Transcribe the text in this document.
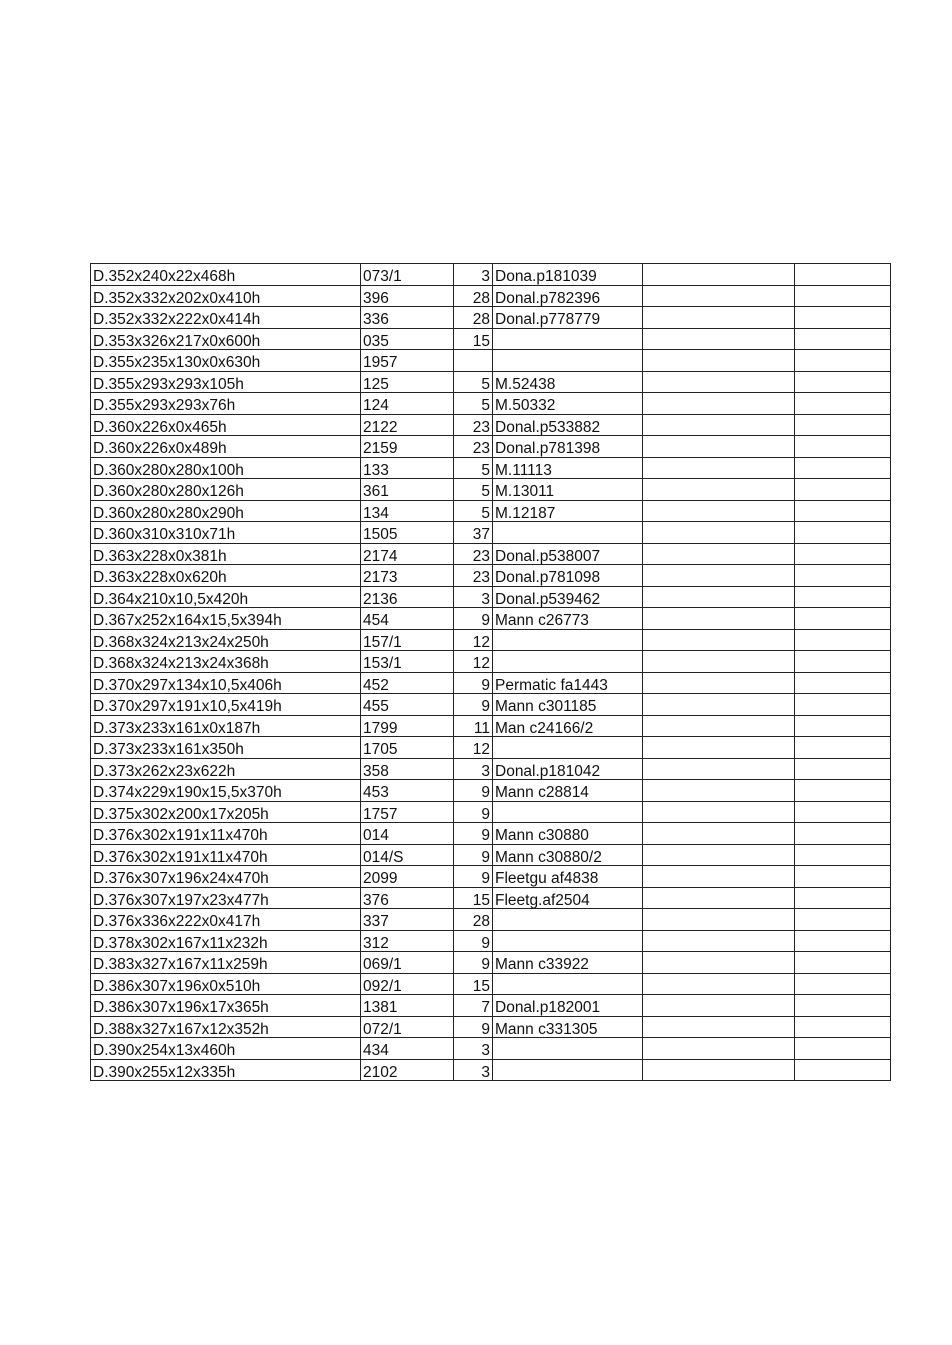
D.352x240x22x468h	073/1	3	Dona.p181039		
D.352x332x202x0x410h	396	28	Donal.p782396		
D.352x332x222x0x414h	336	28	Donal.p778779		
D.353x326x217x0x600h	035	15			
D.355x235x130x0x630h	1957				
D.355x293x293x105h	125	5	M.52438		
D.355x293x293x76h	124	5	M.50332		
D.360x226x0x465h	2122	23	Donal.p533882		
D.360x226x0x489h	2159	23	Donal.p781398		
D.360x280x280x100h	133	5	M.11113		
D.360x280x280x126h	361	5	M.13011		
D.360x280x280x290h	134	5	M.12187		
D.360x310x310x71h	1505	37			
D.363x228x0x381h	2174	23	Donal.p538007		
D.363x228x0x620h	2173	23	Donal.p781098		
D.364x210x10,5x420h	2136	3	Donal.p539462		
D.367x252x164x15,5x394h	454	9	Mann c26773		
D.368x324x213x24x250h	157/1	12			
D.368x324x213x24x368h	153/1	12			
D.370x297x134x10,5x406h	452	9	Permatic fa1443		
D.370x297x191x10,5x419h	455	9	Mann c301185		
D.373x233x161x0x187h	1799	11	Man c24166/2		
D.373x233x161x350h	1705	12			
D.373x262x23x622h	358	3	Donal.p181042		
D.374x229x190x15,5x370h	453	9	Mann c28814		
D.375x302x200x17x205h	1757	9			
D.376x302x191x11x470h	014	9	Mann c30880		
D.376x302x191x11x470h	014/S	9	Mann c30880/2		
D.376x307x196x24x470h	2099	9	Fleetgu af4838		
D.376x307x197x23x477h	376	15	Fleetg.af2504		
D.376x336x222x0x417h	337	28			
D.378x302x167x11x232h	312	9			
D.383x327x167x11x259h	069/1	9	Mann c33922		
D.386x307x196x0x510h	092/1	15			
D.386x307x196x17x365h	1381	7	Donal.p182001		
D.388x327x167x12x352h	072/1	9	Mann c331305		
D.390x254x13x460h	434	3			
D.390x255x12x335h	2102	3			
